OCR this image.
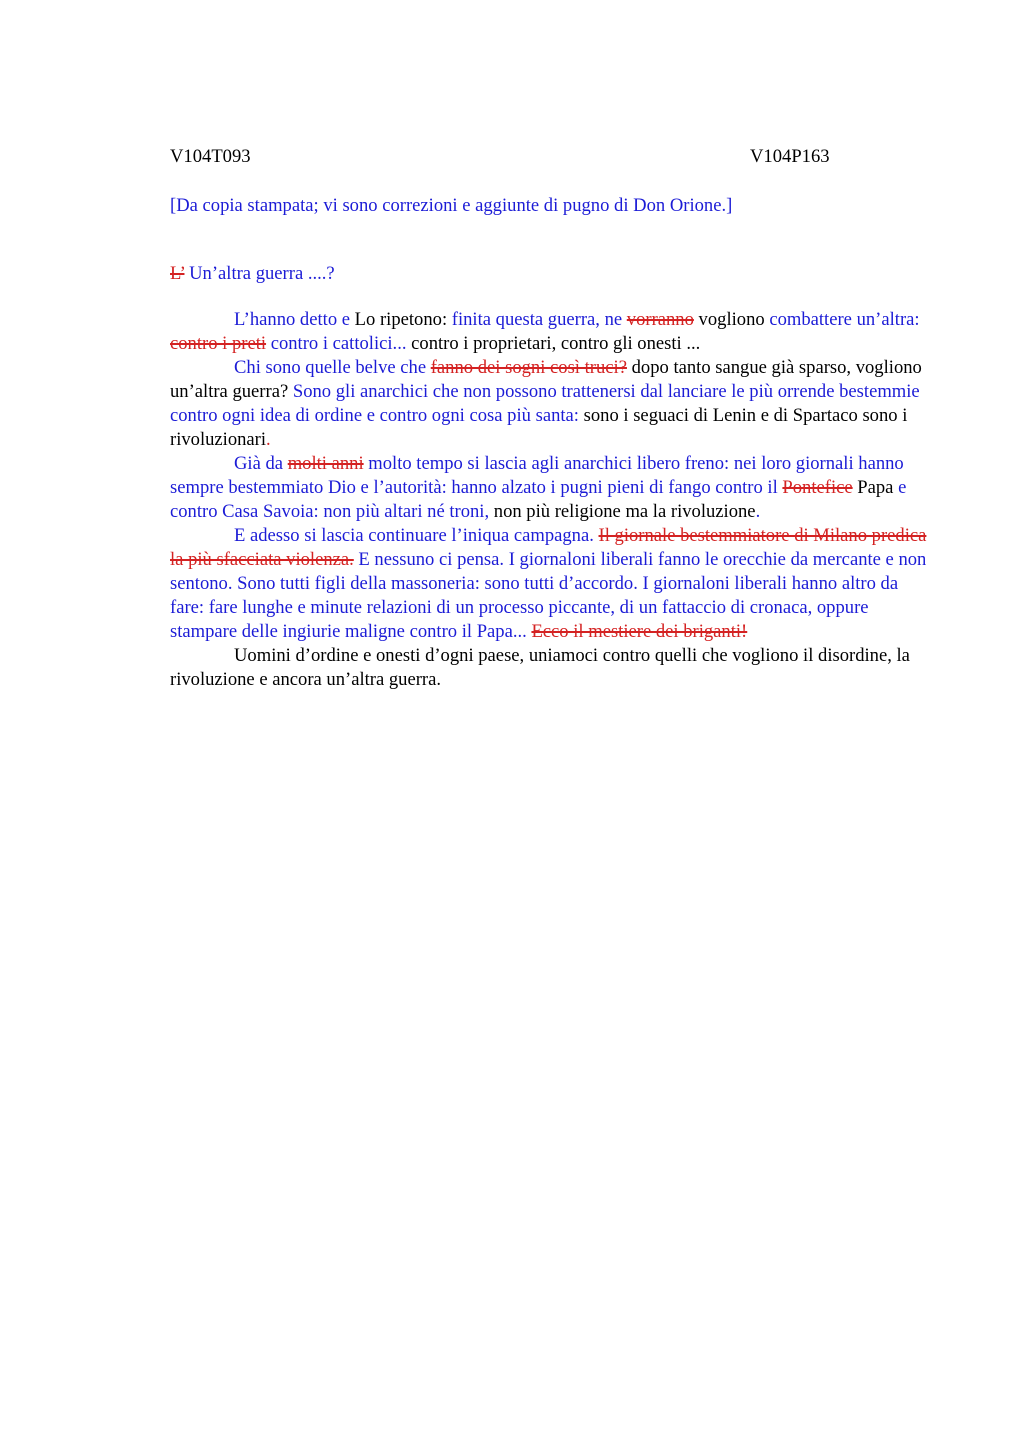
V104T093	V104P163

[Da copia stampata; vi sono correzioni e aggiunte di pugno di Don Orione.]

L’ Un’altra guerra ....?

L’hanno detto e Lo ripetono: finita questa guerra, ne vorranno vogliono combattere un’altra: contro i preti contro i cattolici... contro i proprietari, contro gli onesti ...

Chi sono quelle belve che fanno dei sogni così truci? dopo tanto sangue già sparso, vogliono un’altra guerra? Sono gli anarchici che non possono trattenersi dal lanciare le più orrende bestemmie contro ogni idea di ordine e contro ogni cosa più santa: sono i seguaci di Lenin e di Spartaco sono i rivoluzionari.

Già da molti anni molto tempo si lascia agli anarchici libero freno: nei loro giornali hanno sempre bestemmiato Dio e l’autorità: hanno alzato i pugni pieni di fango contro il Pontefice Papa e contro Casa Savoia: non più altari né troni, non più religione ma la rivoluzione.

E adesso si lascia continuare l’iniqua campagna. Il giornale bestemmiatore di Milano predica la più sfacciata violenza. E nessuno ci pensa. I giornaloni liberali fanno le orecchie da mercante e non sentono. Sono tutti figli della massoneria: sono tutti d’accordo. I giornaloni liberali hanno altro da fare: fare lunghe e minute relazioni di un processo piccante, di un fattaccio di cronaca, oppure stampare delle ingiurie maligne contro il Papa... Ecco il mestiere dei briganti!

Uomini d’ordine e onesti d’ogni paese, uniamoci contro quelli che vogliono il disordine, la rivoluzione e ancora un’altra guerra.
